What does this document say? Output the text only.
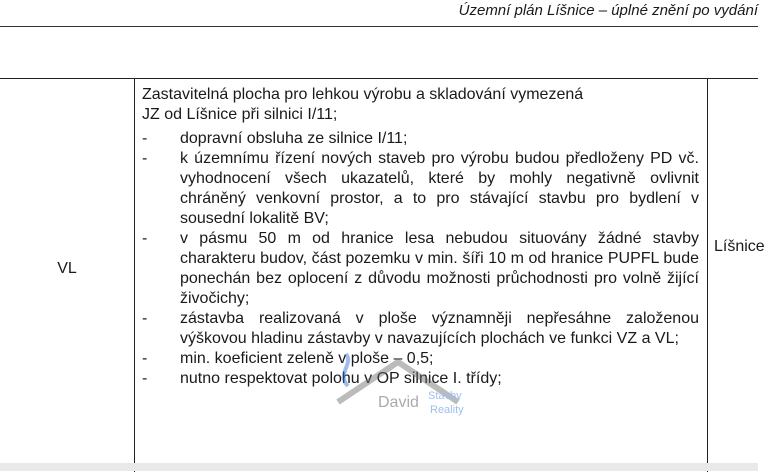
Územní plán Líšnice – úplné znění po vydání
VL
Zastavitelná plocha pro lehkou výrobu a skladování vymezená
JZ od Líšnice při silnici I/11;
- dopravní obsluha ze silnice I/11;
- k územnímu řízení nových staveb pro výrobu budou předloženy PD vč. vyhodnocení všech ukazatelů, které by mohly negativně ovlivnit chráněný venkovní prostor, a to pro stávající stavbu pro bydlení v sousední lokalitě BV;
- v pásmu 50 m od hranice lesa nebudou situovány žádné stavby charakteru budov, část pozemku v min. šíři 10 m od hranice PUPFL bude ponechán bez oplocení z důvodu možnosti průchodnosti pro volně žijící živočichy;
- zástavba realizovaná v ploše významněji nepřesáhne založenou výškovou hladinu zástavby v navazujících plochách ve funkci VZ a VL;
- min. koeficient zeleně v ploše – 0,5;
- nutno respektovat polohu v OP silnice I. třídy;
Líšnice
David Stavby
Reality
